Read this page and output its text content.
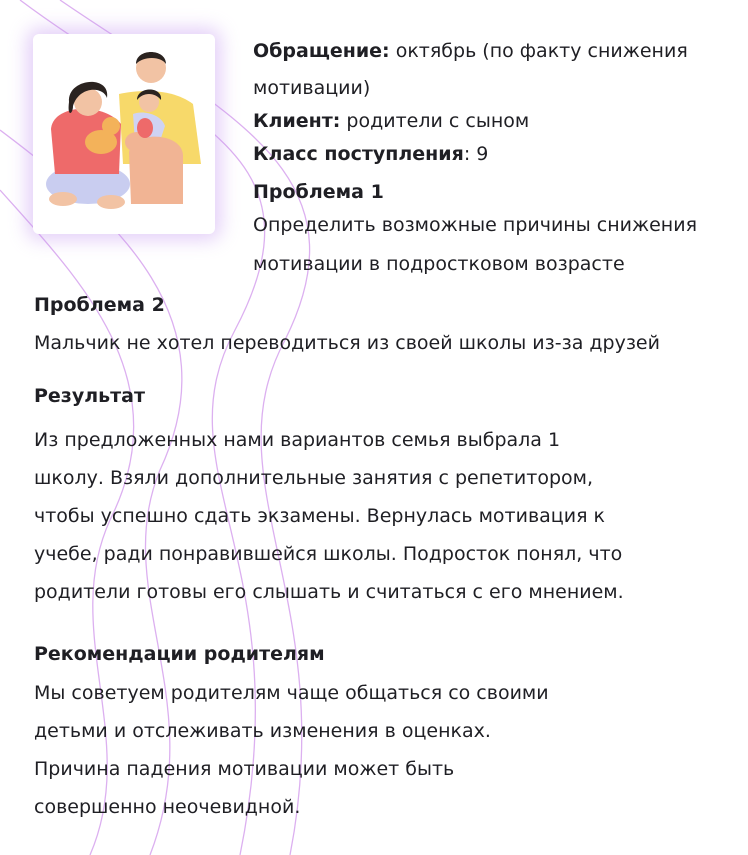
Обращение: октябрь (по факту снижения
мотивации)
Клиент: родители с сыном
Класс поступления: 9
Проблема 1
Определить возможные причины снижения
мотивации в подростковом возрасте
Проблема 2
Мальчик не хотел переводиться из своей школы из-за друзей
Результат
Из предложенных нами вариантов семья выбрала 1
школу. Взяли дополнительные занятия с репетитором,
чтобы успешно сдать экзамены. Вернулась мотивация к
учебе, ради понравившейся школы. Подросток понял, что
родители готовы его слышать и считаться с его мнением.
Рекомендации родителям
Мы советуем родителям чаще общаться со своими
детьми и отслеживать изменения в оценках.
Причина падения мотивации может быть
совершенно неочевидной.
